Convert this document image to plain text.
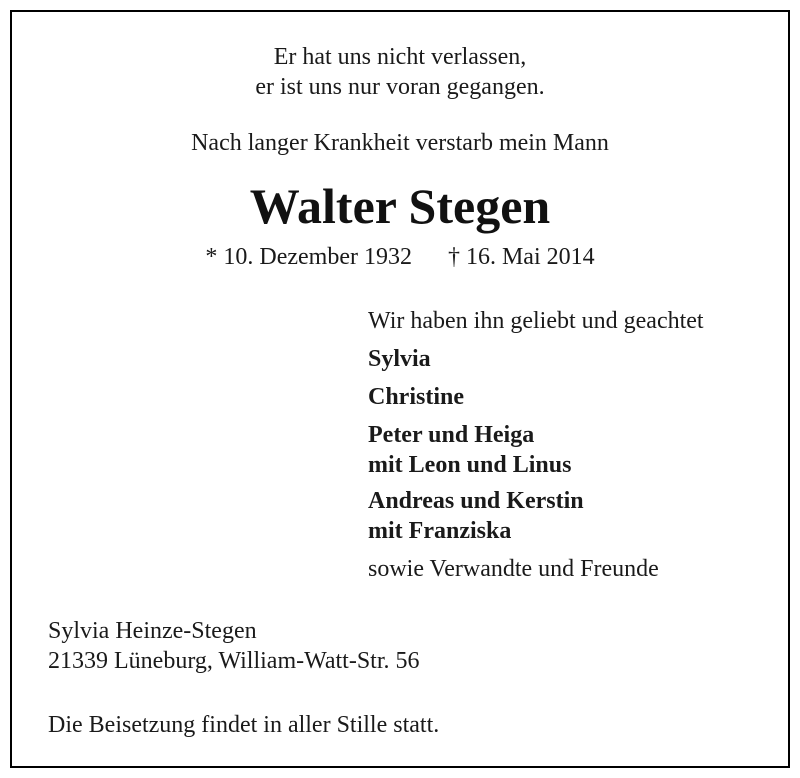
Er hat uns nicht verlassen,
er ist uns nur voran gegangen.
Nach langer Krankheit verstarb mein Mann
Walter Stegen
* 10. Dezember 1932 † 16. Mai 2014
Wir haben ihn geliebt und geachtet
Sylvia
Christine
Peter und Heiga
mit Leon und Linus
Andreas und Kerstin
mit Franziska
sowie Verwandte und Freunde
Sylvia Heinze-Stegen
21339 Lüneburg, William-Watt-Str. 56
Die Beisetzung findet in aller Stille statt.
